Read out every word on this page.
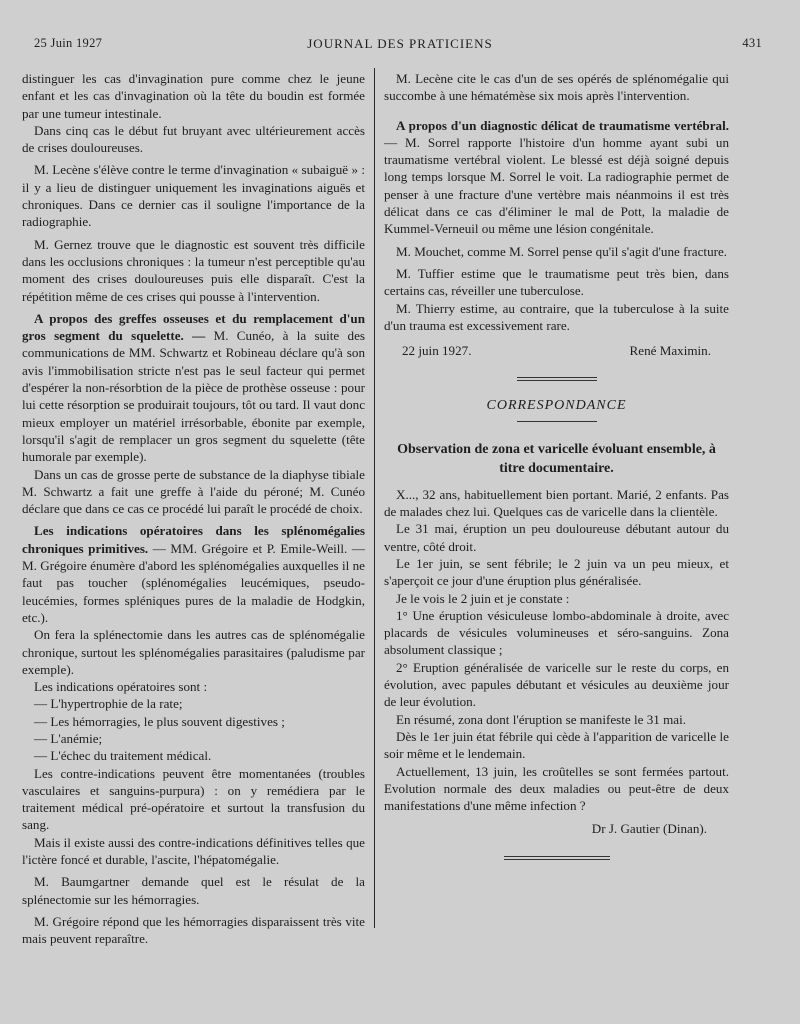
25 Juin 1927	JOURNAL DES PRATICIENS	431

distinguer les cas d'invagination pure comme chez le jeune enfant et les cas d'invagination où la tête du boudin est formée par une tumeur intestinale.

Dans cinq cas le début fut bruyant avec ultérieurement accès de crises douloureuses.

M. Lecène s'élève contre le terme d'invagination « subaiguë » : il y a lieu de distinguer uniquement les invaginations aiguës et chroniques. Dans ce dernier cas il souligne l'importance de la radiographie.

M. Gernez trouve que le diagnostic est souvent très difficile dans les occlusions chroniques : la tumeur n'est perceptible qu'au moment des crises douloureuses puis elle disparaît. C'est la répétition même de ces crises qui pousse à l'intervention.

A propos des greffes osseuses et du remplacement d'un gros segment du squelette. — M. Cunéo, à la suite des communications de MM. Schwartz et Robineau déclare qu'à son avis l'immobilisation stricte n'est pas le seul facteur qui permet d'espérer la non-résorbtion de la pièce de prothèse osseuse : pour lui cette résorption se produirait toujours, tôt ou tard. Il vaut donc mieux employer un matériel irrésorbable, ébonite par exemple, lorsqu'il s'agit de remplacer un gros segment du squelette (tête humorale par exemple).

Dans un cas de grosse perte de substance de la diaphyse tibiale M. Schwartz a fait une greffe à l'aide du péroné; M. Cunéo déclare que dans ce cas ce procédé lui paraît le procédé de choix.

Les indications opératoires dans les splénomégalies chroniques primitives. — MM. Grégoire et P. Emile-Weill. — M. Grégoire énumère d'abord les splénomégalies auxquelles il ne faut pas toucher (splénomégalies leucémiques, pseudo-leucémies, formes spléniques pures de la maladie de Hodgkin, etc.).

On fera la splénectomie dans les autres cas de splénomégalie chronique, surtout les splénomégalies parasitaires (paludisme par exemple).

Les indications opératoires sont :

— L'hypertrophie de la rate;

— Les hémorragies, le plus souvent digestives ;

— L'anémie;

— L'échec du traitement médical.

Les contre-indications peuvent être momentanées (troubles vasculaires et sanguins-purpura) : on y remédiera par le traitement médical pré-opératoire et surtout la transfusion du sang.

Mais il existe aussi des contre-indications définitives telles que l'ictère foncé et durable, l'ascite, l'hépatomégalie.

M. Baumgartner demande quel est le résulat de la splénectomie sur les hémorragies.

M. Grégoire répond que les hémorragies disparaissent très vite mais peuvent reparaître.

M. Lecène cite le cas d'un de ses opérés de splénomégalie qui succombe à une hématémèse six mois après l'intervention.

A propos d'un diagnostic délicat de traumatisme vertébral. — M. Sorrel rapporte l'histoire d'un homme ayant subi un traumatisme vertébral violent. Le blessé est déjà soigné depuis long temps lorsque M. Sorrel le voit. La radiographie permet de penser à une fracture d'une vertèbre mais néanmoins il est très délicat dans ce cas d'éliminer le mal de Pott, la maladie de Kummel-Verneuil ou même une lésion congénitale.

M. Mouchet, comme M. Sorrel pense qu'il s'agit d'une fracture.

M. Tuffier estime que le traumatisme peut très bien, dans certains cas, réveiller une tuberculose.

M. Thierry estime, au contraire, que la tuberculose à la suite d'un trauma est excessivement rare.

22 juin 1927.	René Maximin.
CORRESPONDANCE
Observation de zona et varicelle évoluant ensemble, à titre documentaire.

X..., 32 ans, habituellement bien portant. Marié, 2 enfants. Pas de malades chez lui. Quelques cas de varicelle dans la clientèle.

Le 31 mai, éruption un peu douloureuse débutant autour du ventre, côté droit.

Le 1er juin, se sent fébrile; le 2 juin va un peu mieux, et s'aperçoit ce jour d'une éruption plus généralisée.

Je le vois le 2 juin et je constate :

1° Une éruption vésiculeuse lombo-abdominale à droite, avec placards de vésicules volumineuses et séro-sanguins. Zona absolument classique ;

2° Eruption généralisée de varicelle sur le reste du corps, en évolution, avec papules débutant et vésicules au deuxième jour de leur évolution.

En résumé, zona dont l'éruption se manifeste le 31 mai.

Dès le 1er juin état fébrile qui cède à l'apparition de varicelle le soir même et le lendemain.

Actuellement, 13 juin, les croûtelles se sont fermées partout. Evolution normale des deux maladies ou peut-être de deux manifestations d'une même infection ?

Dr J. Gautier (Dinan).
